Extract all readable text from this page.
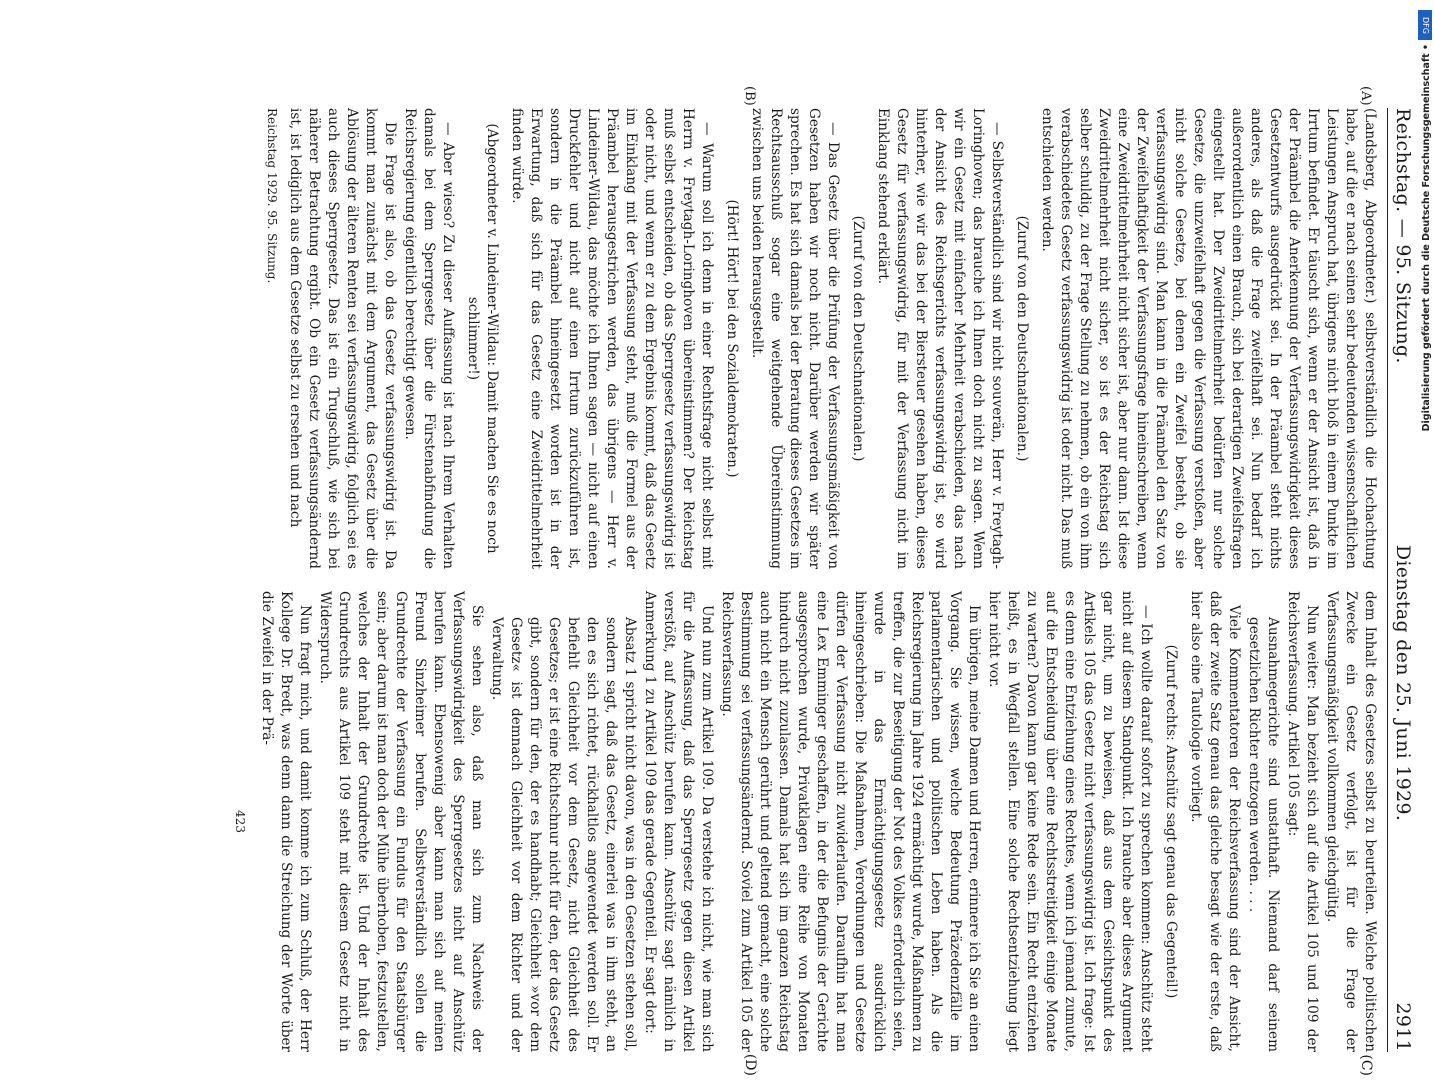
Reichstag. — 95. Sitzung.
Dienstag den 25. Juni 1929.
2911
(A)
(B)

(Landsberg, Abgeordneter.) selbstverständlich die Hochachtung habe, auf die er nach seinen sehr bedeutenden wissenschaftlichen Leistungen Anspruch hat, übrigens nicht bloß in einem Punkte im Irrtum befindet. Er täuscht sich, wenn er der Ansicht ist, daß in der Präambel die Anerkennung der Verfassungswidrigkeit dieses Gesetzentwurfs ausgedrückt sei. In der Präambel steht nichts anderes, als daß die Frage zweifelhaft sei. Nun bedarf ich außerordentlich einen Brauch, sich bei derartigen Zweifelsfragen eingestellt hat. Der Zweidrittelmehrheit bedürfen nur solche Gesetze, die unzweifelhaft gegen die Verfassung verstoßen, aber nicht solche Gesetze, bei denen ein Zweifel besteht, ob sie verfassungswidrig sind. Man kann in die Präambel den Satz von der Zweifelhaftigkeit der Verfassungsfrage hineinschreiben, wenn eine Zweidrittelmehrheit nicht sicher ist, aber nur dann. Ist diese Zweidrittelmehrheit nicht sicher, so ist es der Reichstag sich selber schuldig, zu der Frage Stellung zu nehmen, ob ein von ihm verabschiedetes Gesetz verfassungswidrig ist oder nicht. Das muß entschieden werden.

(Zuruf von den Deutschnationalen.)

— Selbstverständlich sind wir nicht souverän, Herr v. Freytagh-Loringhoven; das brauche ich Ihnen doch nicht zu sagen. Wenn wir ein Gesetz mit einfacher Mehrheit verabschieden, das nach der Ansicht des Reichsgerichts verfassungswidrig ist, so wird hinterher, wie wir das bei der Biersteuer gesehen haben, dieses Gesetz für verfassungswidrig, für mit der Verfassung nicht im Einklang stehend erklärt.

(Zuruf von den Deutschnationalen.)

— Das Gesetz über die Prüfung der Verfassungsmäßigkeit von Gesetzen haben wir noch nicht. Darüber werden wir später sprechen. Es hat sich damals bei der Beratung dieses Gesetzes im Rechtsausschuß sogar eine weitgehende Übereinstimmung zwischen uns beiden herausgestellt.

(Hört! Hört! bei den Sozialdemokraten.)

— Warum soll ich denn in einer Rechtsfrage nicht selbst mit Herrn v. Freytagh-Loringhoven übereinstimmen? Der Reichstag muß selbst entscheiden, ob das Sperrgesetz verfassungswidrig ist oder nicht, und wenn er zu dem Ergebnis kommt, daß das Gesetz im Einklang mit der Verfassung steht, muß die Formel aus der Präambel herausgestrichen werden, das übrigens — Herr v. Lindeiner-Wildau, das möchte ich Ihnen sagen — nicht auf einen Druckfehler und nicht auf einen Irrtum zurückzuführen ist, sondern in die Präambel hineingesetzt worden ist in der Erwartung, daß sich für das Gesetz eine Zweidrittelmehrheit finden würde.

(Abgeordneter v. Lindeiner-Wildau: Damit machen Sie es noch schlimmer!)

— Aber wieso? Zu dieser Auffassung ist nach Ihrem Verhalten damals bei dem Sperrgesetz über die Fürstenabfindung die Reichsregierung eigentlich berechtigt gewesen.

Die Frage ist also, ob das Gesetz verfassungswidrig ist. Da kommt man zunächst mit dem Argument, das Gesetz über die Ablösung der älteren Renten sei verfassungswidrig, folglich sei es auch dieses Sperrgesetz. Das ist ein Trugschluß, wie sich bei näherer Betrachtung ergibt. Ob ein Gesetz verfassungsändernd ist, ist lediglich aus dem Gesetze selbst zu ersehen und nach

Reichstag 1929. 95. Sitzung.
(C)
(D)

dem Inhalt des Gesetzes selbst zu beurteilen. Welche politischen Zwecke ein Gesetz verfolgt, ist für die Frage der Verfassungsmäßigkeit vollkommen gleichgültig.

Nun weiter: Man bezieht sich auf die Artikel 105 und 109 der Reichsverfassung. Artikel 105 sagt:

Ausnahmegerichte sind unstatthaft. Niemand darf seinem gesetzlichen Richter entzogen werden. . . .

Viele Kommentatoren der Reichsverfassung sind der Ansicht, daß der zweite Satz genau das gleiche besagt wie der erste, daß hier also eine Tautologie vorliegt.

(Zuruf rechts: Anschütz sagt genau das Gegenteil!)

— Ich wollte darauf sofort zu sprechen kommen: Anschütz steht nicht auf diesem Standpunkt. Ich brauche aber dieses Argument gar nicht, um zu beweisen, daß aus dem Gesichtspunkt des Artikels 105 das Gesetz nicht verfassungswidrig ist. Ich frage: Ist es denn eine Entziehung eines Rechtes, wenn ich jemand zumute, auf die Entscheidung über eine Rechtsstreitigkeit einige Monate zu warten? Davon kann gar keine Rede sein. Ein Recht entziehen heißt, es in Wegfall stellen. Eine solche Rechtsentziehung liegt hier nicht vor.

Im übrigen, meine Damen und Herren, erinnere ich Sie an einen Vorgang. Sie wissen, welche Bedeutung Präzedenzfälle im parlamentarischen und politischen Leben haben. Als die Reichsregierung im Jahre 1924 ermächtigt wurde, Maßnahmen zu treffen, die zur Beseitigung der Not des Volkes erforderlich seien, wurde in das Ermächtigungsgesetz ausdrücklich hineingeschrieben: Die Maßnahmen, Verordnungen und Gesetze dürfen der Verfassung nicht zuwiderlaufen. Daraufhin hat man eine Lex Emminger geschaffen, in der die Befugnis der Gerichte ausgesprochen wurde, Privatklagen eine Reihe von Monaten hindurch nicht zuzulassen. Damals hat sich im ganzen Reichstag auch nicht ein Mensch gerührt und geltend gemacht, eine solche Bestimmung sei verfassungsändernd. Soviel zum Artikel 105 der Reichsverfassung.

Und nun zum Artikel 109. Da verstehe ich nicht, wie man sich für die Auffassung, daß das Sperrgesetz gegen diesen Artikel verstößt, auf Anschütz berufen kann. Anschütz sagt nämlich in Anmerkung 1 zu Artikel 109 das gerade Gegenteil. Er sagt dort:

Absatz 1 spricht nicht davon, was in den Gesetzen stehen soll, sondern sagt, daß das Gesetz, einerlei was in ihm steht, an den es sich richtet, rückhaltlos angewendet werden soll. Er befiehlt Gleichheit vor dem Gesetz, nicht Gleichheit des Gesetzes; er ist eine Richtschnur nicht für den, der das Gesetz gibt, sondern für den, der es handhabt; Gleichheit »vor dem Gesetz« ist demnach Gleichheit vor dem Richter und der Verwaltung.

Sie sehen also, daß man sich zum Nachweis der Verfassungswidrigkeit des Sperrgesetzes nicht auf Anschütz berufen kann. Ebensowenig aber kann man sich auf meinen Freund Sinzheimer berufen. Selbstverständlich sollen die Grundrechte der Verfassung ein Fundus für den Staatsbürger sein; aber darum ist man doch der Mühe überhoben, festzustellen, welches der Inhalt der Grundrechte ist. Und der Inhalt des Grundrechts aus Artikel 109 steht mit diesem Gesetz nicht in Widerspruch.

Nun fragt mich, und damit komme ich zum Schluß, der Herr Kollege Dr. Bredt, was denn dann die Streichung der Worte über die Zweifel in der Prä-

423
DFG
Digitalisierung gefördert durch die Deutsche Forschungsgemeinschaft •
